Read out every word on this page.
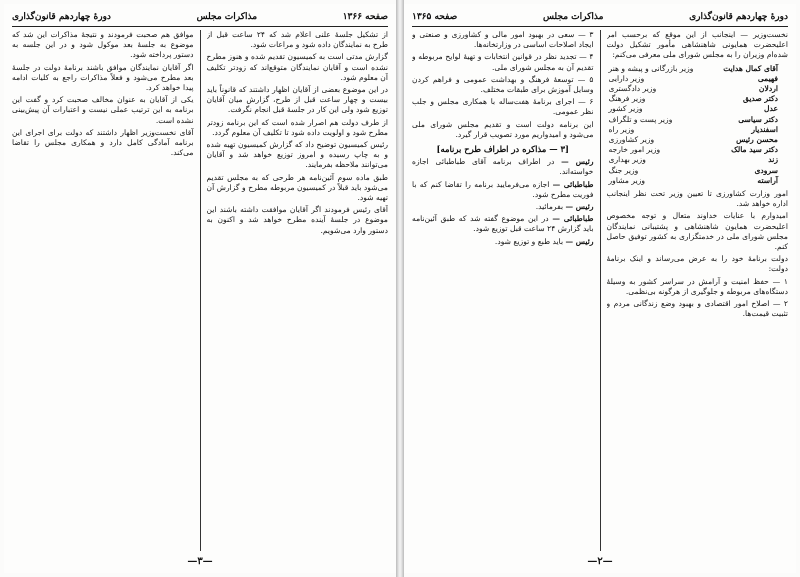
صفحه ۱۳۶۶
مذاکرات مجلس
دورهٔ چهاردهم قانون‌گذاری

از تشکیل جلسهٔ علنی اعلام شد که ۲۴ ساعت قبل از طرح به نمایندگان داده شود و مراعات شود.

گزارش مدتی است به کمیسیون تقدیم شده و هنوز مطرح نشده است و آقایان نمایندگان متوقع‌اند که زودتر تکلیف آن معلوم شود.

در این موضوع بعضی از آقایان اظهار داشتند که قانوناً باید بیست و چهار ساعت قبل از طرح، گزارش میان آقایان توزیع شود ولی این کار در جلسهٔ قبل انجام نگرفت.

از طرف دولت هم اصرار شده است که این برنامه زودتر مطرح شود و اولویت داده شود تا تکلیف آن معلوم گردد.

رئیس کمیسیون توضیح داد که گزارش کمیسیون تهیه شده و به چاپ رسیده و امروز توزیع خواهد شد و آقایان می‌توانند ملاحظه بفرمایند.

طبق ماده سوم آئین‌نامه هر طرحی که به مجلس تقدیم می‌شود باید قبلاً در کمیسیون مربوطه مطرح و گزارش آن تهیه شود.

آقای رئیس فرمودند اگر آقایان موافقت داشته باشند این موضوع در جلسهٔ آینده مطرح خواهد شد و اکنون به دستور وارد می‌شویم.

موافق هم صحبت فرمودند و نتیجهٔ مذاکرات این شد که موضوع به جلسهٔ بعد موکول شود و در این جلسه به دستور پرداخته شود.

اگر آقایان نمایندگان موافق باشند برنامهٔ دولت در جلسهٔ بعد مطرح می‌شود و فعلاً مذاکرات راجع به کلیات ادامه پیدا خواهد کرد.

یکی از آقایان به عنوان مخالف صحبت کرد و گفت این برنامه به این ترتیب عملی نیست و اعتبارات آن پیش‌بینی نشده است.

آقای نخست‌وزیر اظهار داشتند که دولت برای اجرای این برنامه آمادگی کامل دارد و همکاری مجلس را تقاضا می‌کند.

—۳—
دورهٔ چهاردهم قانون‌گذاری
مذاکرات مجلس
صفحه ۱۳۶۵

نخست‌وزیر — اینجانب از این موقع که برحسب امر اعلیحضرت همایونی شاهنشاهی مأمور تشکیل دولت شده‌ام وزیران را به مجلس شورای ملی معرفی می‌کنم:

آقای کمال هدایت
وزیر بازرگانی و پیشه و هنر
فهیمی
وزیر دارایی
اردلان
وزیر دادگستری
دکتر صدیق
وزیر فرهنگ
عدل
وزیر کشور
دکتر سیاسی
وزیر پست و تلگراف
اسفندیار
وزیر راه
محسن رئیس
وزیر کشاورزی
دکتر سید مالک
وزیر امور خارجه
زند
وزیر بهداری
سرودی
وزیر جنگ
آراسته
وزیر مشاور

امور وزارت کشاورزی تا تعیین وزیر تحت نظر اینجانب اداره خواهد شد.

امیدوارم با عنایات خداوند متعال و توجه مخصوص اعلیحضرت همایون شاهنشاهی و پشتیبانی نمایندگان مجلس شورای ملی در خدمتگزاری به کشور توفیق حاصل کنم.

دولت برنامهٔ خود را به عرض می‌رساند و اینک برنامهٔ دولت:

۱ — حفظ امنیت و آرامش در سراسر کشور به وسیلهٔ دستگاه‌های مربوطه و جلوگیری از هرگونه بی‌نظمی.

۲ — اصلاح امور اقتصادی و بهبود وضع زندگانی مردم و تثبیت قیمت‌ها.

۳ — سعی در بهبود امور مالی و کشاورزی و صنعتی و ایجاد اصلاحات اساسی در وزارتخانه‌ها.

۴ — تجدید نظر در قوانین انتخابات و تهیهٔ لوایح مربوطه و تقدیم آن به مجلس شورای ملی.

۵ — توسعهٔ فرهنگ و بهداشت عمومی و فراهم کردن وسایل آموزش برای طبقات مختلف.

۶ — اجرای برنامهٔ هفت‌ساله با همکاری مجلس و جلب نظر عمومی.

این برنامه دولت است و تقدیم مجلس شورای ملی می‌شود و امیدواریم مورد تصویب قرار گیرد.

[۳ — مذاکره در اطراف طرح برنامه]

رئیس — در اطراف برنامه آقای طباطبائی اجازه خواسته‌اند.

طباطبائی — اجازه می‌فرمایید برنامه را تقاضا کنم که با فوریت مطرح شود.

رئیس — بفرمائید.

طباطبائی — در این موضوع گفته شد که طبق آئین‌نامه باید گزارش ۲۴ ساعت قبل توزیع شود.

رئیس — باید طبع و توزیع شود.

—۲—
